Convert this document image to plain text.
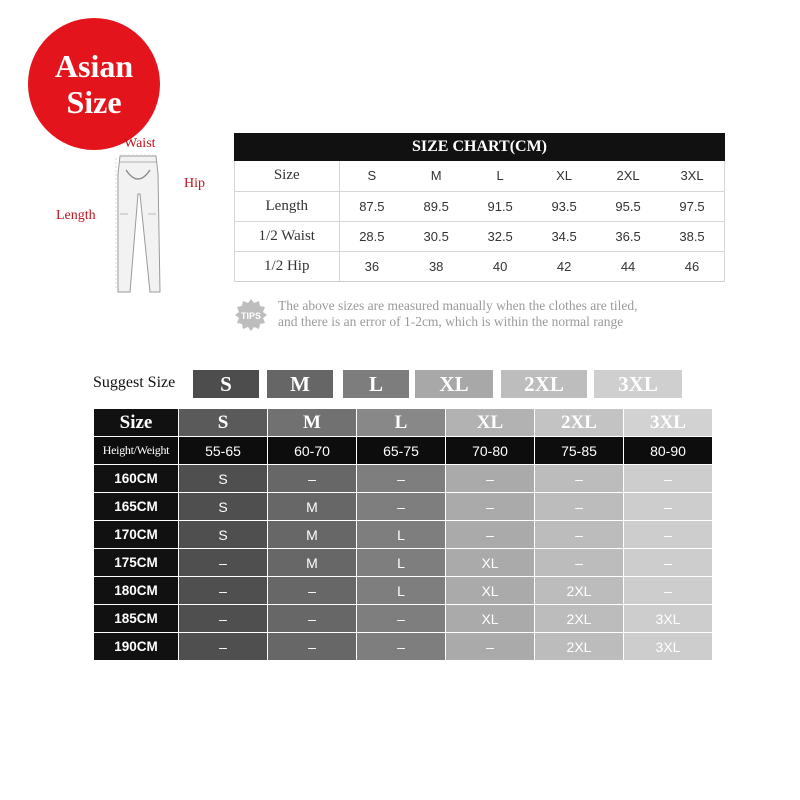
Asian
Size
Waist
Hip
Length
SIZE CHART(CM)
Size	S	M	L	XL	2XL	3XL
Length	87.5	89.5	91.5	93.5	95.5	97.5
1/2 Waist	28.5	30.5	32.5	34.5	36.5	38.5
1/2 Hip	36	38	40	42	44	46
TIPS
The above sizes are measured manually when the clothes are tiled,
and there is an error of 1-2cm, which is within the normal range
Suggest Size	S	M	L	XL	2XL	3XL
Size	S	M	L	XL	2XL	3XL
Height/Weight	55-65	60-70	65-75	70-80	75-85	80-90
160CM	S	–	–	–	–	–
165CM	S	M	–	–	–	–
170CM	S	M	L	–	–	–
175CM	–	M	L	XL	–	–
180CM	–	–	L	XL	2XL	–
185CM	–	–	–	XL	2XL	3XL
190CM	–	–	–	–	2XL	3XL
